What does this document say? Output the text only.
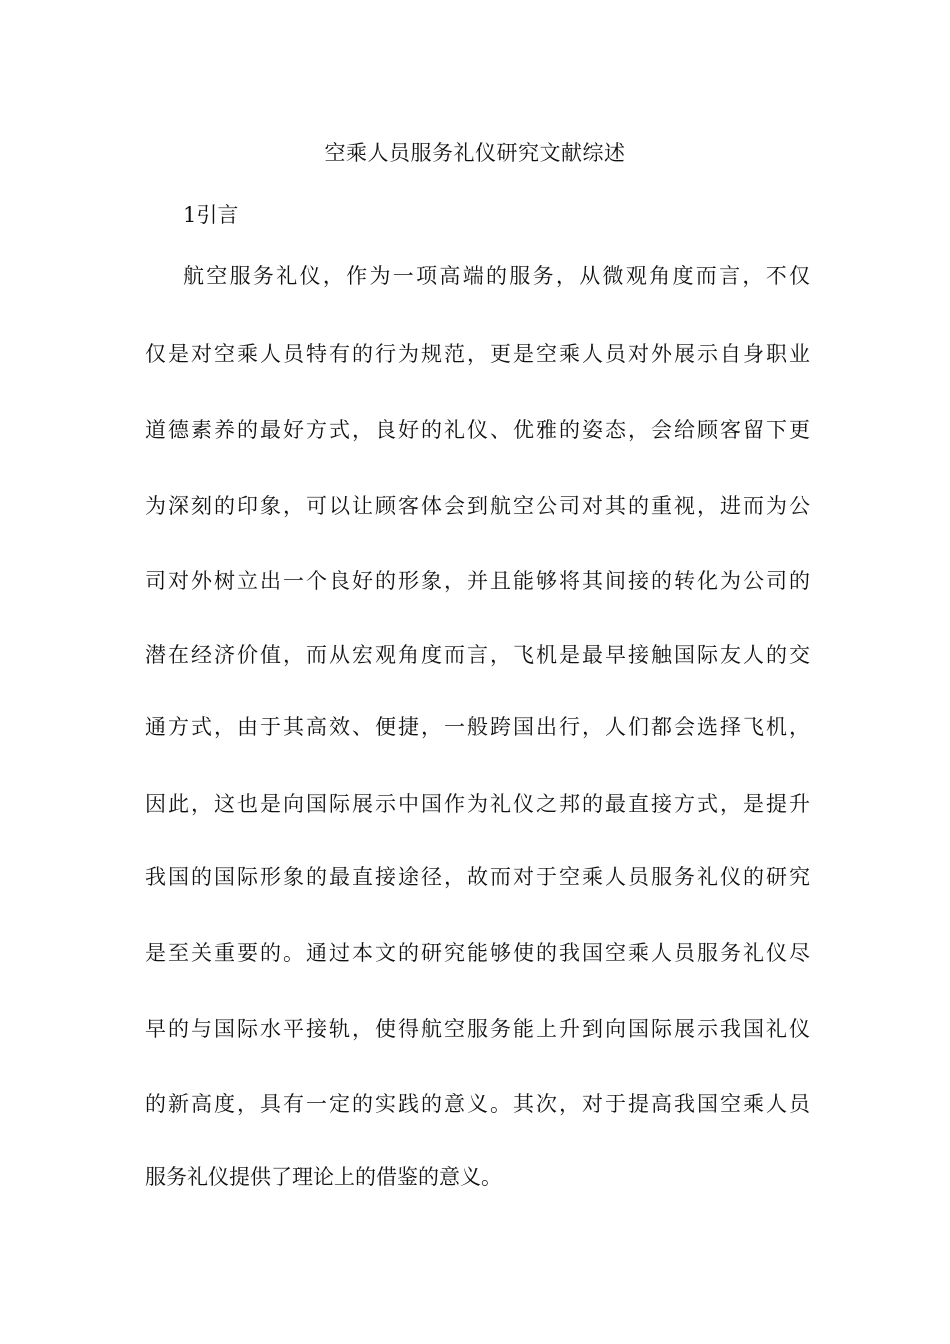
空乘人员服务礼仪研究文献综述
1引言
航空服务礼仪，作为一项高端的服务，从微观角度而言，不仅
仅是对空乘人员特有的行为规范，更是空乘人员对外展示自身职业
道德素养的最好方式，良好的礼仪、优雅的姿态，会给顾客留下更
为深刻的印象，可以让顾客体会到航空公司对其的重视，进而为公
司对外树立出一个良好的形象，并且能够将其间接的转化为公司的
潜在经济价值，而从宏观角度而言，飞机是最早接触国际友人的交
通方式，由于其高效、便捷，一般跨国出行，人们都会选择飞机，
因此，这也是向国际展示中国作为礼仪之邦的最直接方式，是提升
我国的国际形象的最直接途径，故而对于空乘人员服务礼仪的研究
是至关重要的。通过本文的研究能够使的我国空乘人员服务礼仪尽
早的与国际水平接轨，使得航空服务能上升到向国际展示我国礼仪
的新高度，具有一定的实践的意义。其次，对于提高我国空乘人员
服务礼仪提供了理论上的借鉴的意义。
